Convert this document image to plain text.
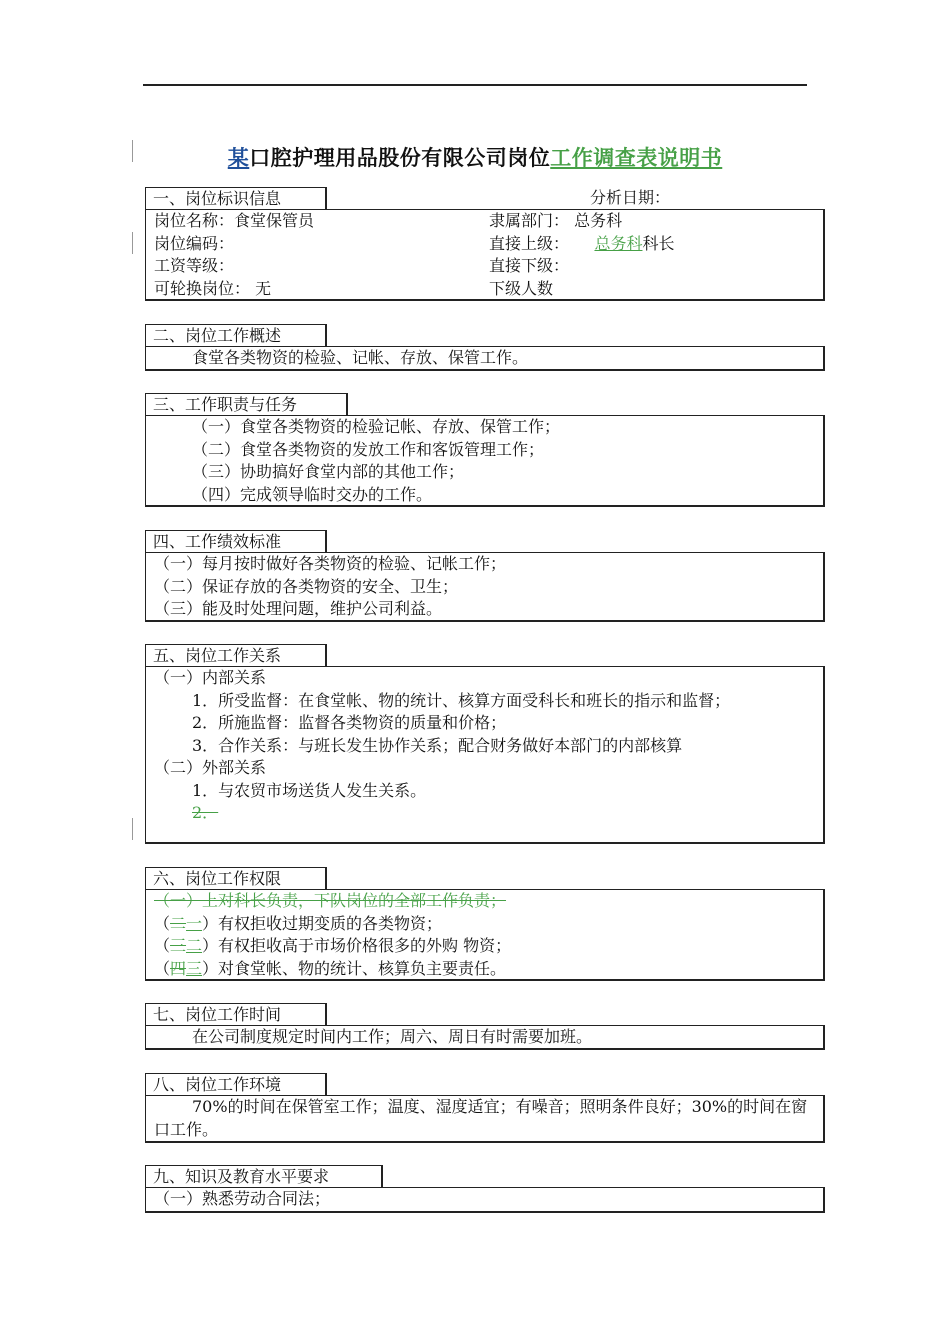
某口腔护理用品股份有限公司岗位工作调查表说明书
一、岗位标识信息	分析日期：
岗位名称：食堂保管员	隶属部门： 总务科
岗位编码：	直接上级： 总务科科长
工资等级：	直接下级：
可轮换岗位： 无	下级人数
二、岗位工作概述
食堂各类物资的检验、记帐、存放、保管工作。
三、工作职责与任务
（一）食堂各类物资的检验记帐、存放、保管工作；
（二）食堂各类物资的发放工作和客饭管理工作；
（三）协助搞好食堂内部的其他工作；
（四）完成领导临时交办的工作。
四、工作绩效标准
（一）每月按时做好各类物资的检验、记帐工作；
（二）保证存放的各类物资的安全、卫生；
（三）能及时处理问题，维护公司利益。
五、岗位工作关系
（一）内部关系
1．所受监督：在食堂帐、物的统计、核算方面受科长和班长的指示和监督；
2．所施监督：监督各类物资的质量和价格；
3．合作关系：与班长发生协作关系；配合财务做好本部门的内部核算
（二）外部关系
1．与农贸市场送货人发生关系。
2．
六、岗位工作权限
（一）上对科长负责，下队岗位的全部工作负责；
（二一）有权拒收过期变质的各类物资；
（三二）有权拒收高于市场价格很多的外购 物资；
（四三）对食堂帐、物的统计、核算负主要责任。
七、岗位工作时间
在公司制度规定时间内工作；周六、周日有时需要加班。
八、岗位工作环境
70%的时间在保管室工作；温度、湿度适宜；有噪音；照明条件良好；30%的时间在窗口工作。
九、知识及教育水平要求
（一）熟悉劳动合同法；
